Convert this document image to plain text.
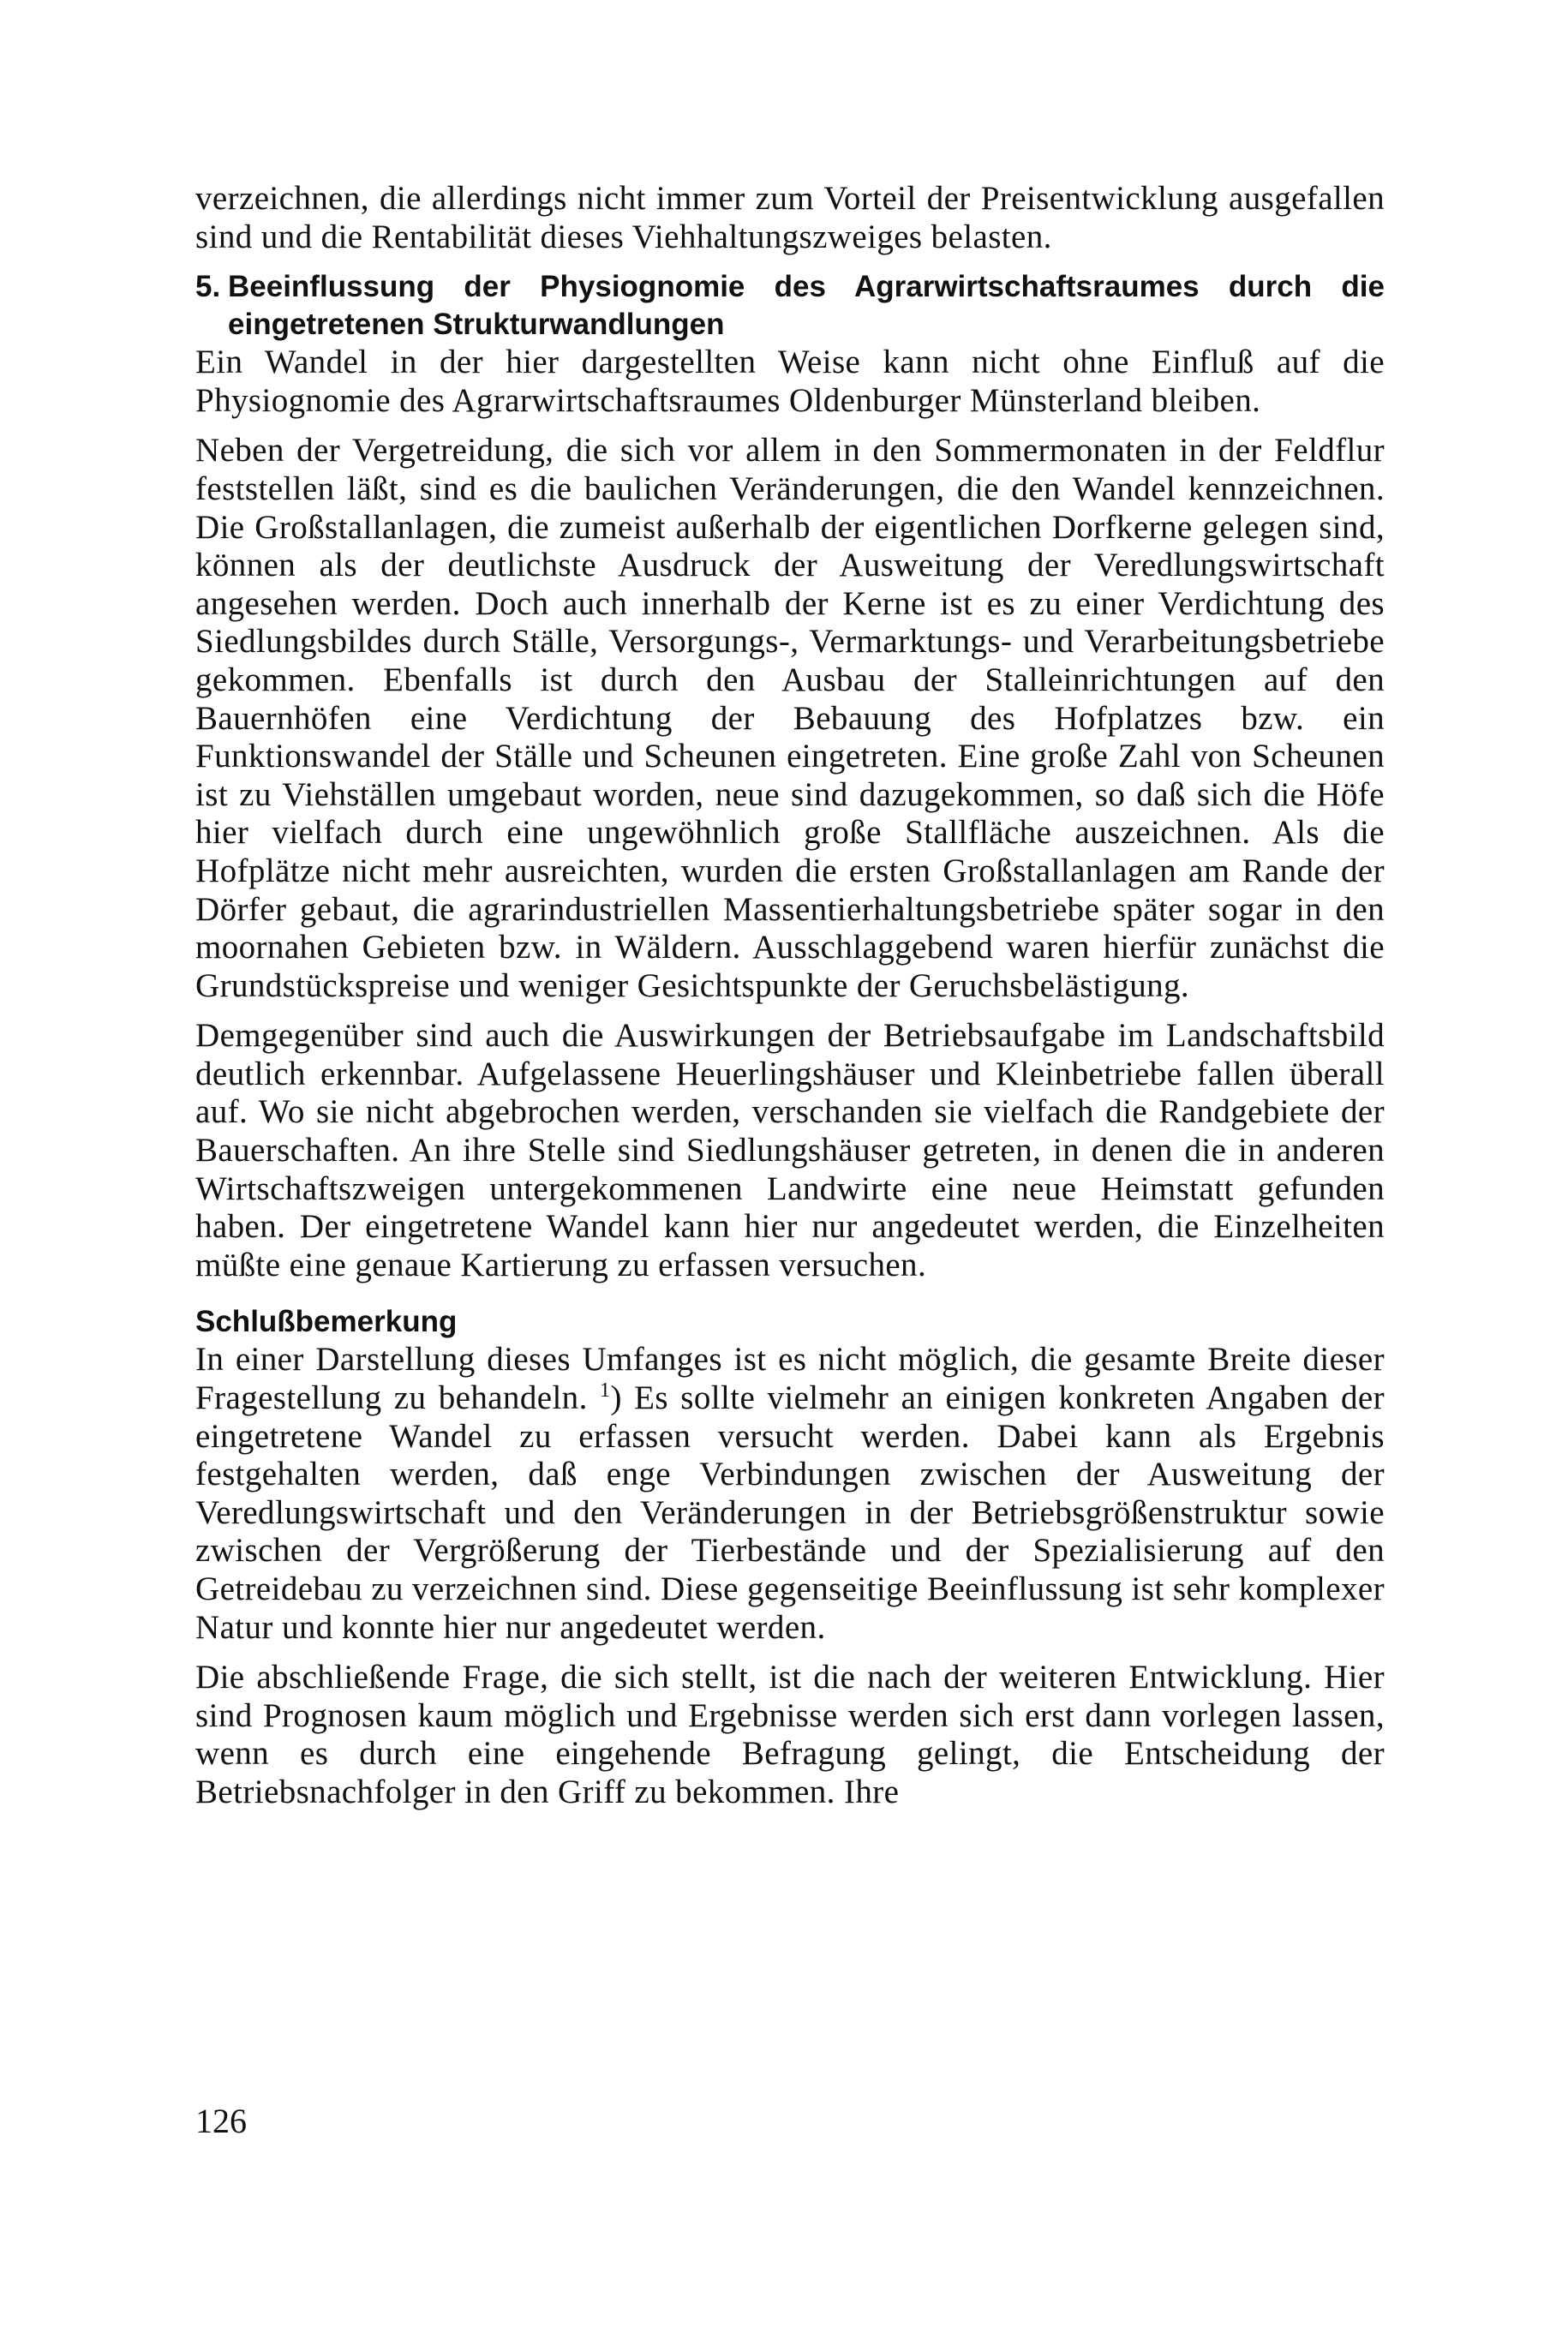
verzeichnen, die allerdings nicht immer zum Vorteil der Preisentwicklung ausgefallen sind und die Rentabilität dieses Viehhaltungszweiges belasten.

5. Beeinflussung der Physiognomie des Agrarwirtschaftsraumes durch die eingetretenen Strukturwandlungen

Ein Wandel in der hier dargestellten Weise kann nicht ohne Einfluß auf die Physiognomie des Agrarwirtschaftsraumes Oldenburger Münsterland bleiben.

Neben der Vergetreidung, die sich vor allem in den Sommermonaten in der Feldflur feststellen läßt, sind es die baulichen Veränderungen, die den Wandel kennzeichnen. Die Großstallanlagen, die zumeist außerhalb der eigentlichen Dorfkerne gelegen sind, können als der deutlichste Ausdruck der Ausweitung der Veredlungswirtschaft angesehen werden. Doch auch innerhalb der Kerne ist es zu einer Verdichtung des Siedlungsbildes durch Ställe, Versorgungs-, Vermarktungs- und Verarbeitungsbetriebe gekommen. Ebenfalls ist durch den Ausbau der Stalleinrichtungen auf den Bauernhöfen eine Verdichtung der Bebauung des Hofplatzes bzw. ein Funktionswandel der Ställe und Scheunen eingetreten. Eine große Zahl von Scheunen ist zu Viehställen umgebaut worden, neue sind dazugekommen, so daß sich die Höfe hier vielfach durch eine ungewöhnlich große Stallfläche auszeichnen. Als die Hofplätze nicht mehr ausreichten, wurden die ersten Großstallanlagen am Rande der Dörfer gebaut, die agrarindustriellen Massentierhaltungsbetriebe später sogar in den moornahen Gebieten bzw. in Wäldern. Ausschlaggebend waren hierfür zunächst die Grundstückspreise und weniger Gesichtspunkte der Geruchsbelästigung.

Demgegenüber sind auch die Auswirkungen der Betriebsaufgabe im Landschaftsbild deutlich erkennbar. Aufgelassene Heuerlingshäuser und Kleinbetriebe fallen überall auf. Wo sie nicht abgebrochen werden, verschanden sie vielfach die Randgebiete der Bauerschaften. An ihre Stelle sind Siedlungshäuser getreten, in denen die in anderen Wirtschaftszweigen untergekommenen Landwirte eine neue Heimstatt gefunden haben. Der eingetretene Wandel kann hier nur angedeutet werden, die Einzelheiten müßte eine genaue Kartierung zu erfassen versuchen.

Schlußbemerkung

In einer Darstellung dieses Umfanges ist es nicht möglich, die gesamte Breite dieser Fragestellung zu behandeln. $^1$) Es sollte vielmehr an einigen konkreten Angaben der eingetretene Wandel zu erfassen versucht werden. Dabei kann als Ergebnis festgehalten werden, daß enge Verbindungen zwischen der Ausweitung der Veredlungswirtschaft und den Veränderungen in der Betriebsgrößenstruktur sowie zwischen der Vergrößerung der Tierbestände und der Spezialisierung auf den Getreidebau zu verzeichnen sind. Diese gegenseitige Beeinflussung ist sehr komplexer Natur und konnte hier nur angedeutet werden.

Die abschließende Frage, die sich stellt, ist die nach der weiteren Entwicklung. Hier sind Prognosen kaum möglich und Ergebnisse werden sich erst dann vorlegen lassen, wenn es durch eine eingehende Befragung gelingt, die Entscheidung der Betriebsnachfolger in den Griff zu bekommen. Ihre

126
